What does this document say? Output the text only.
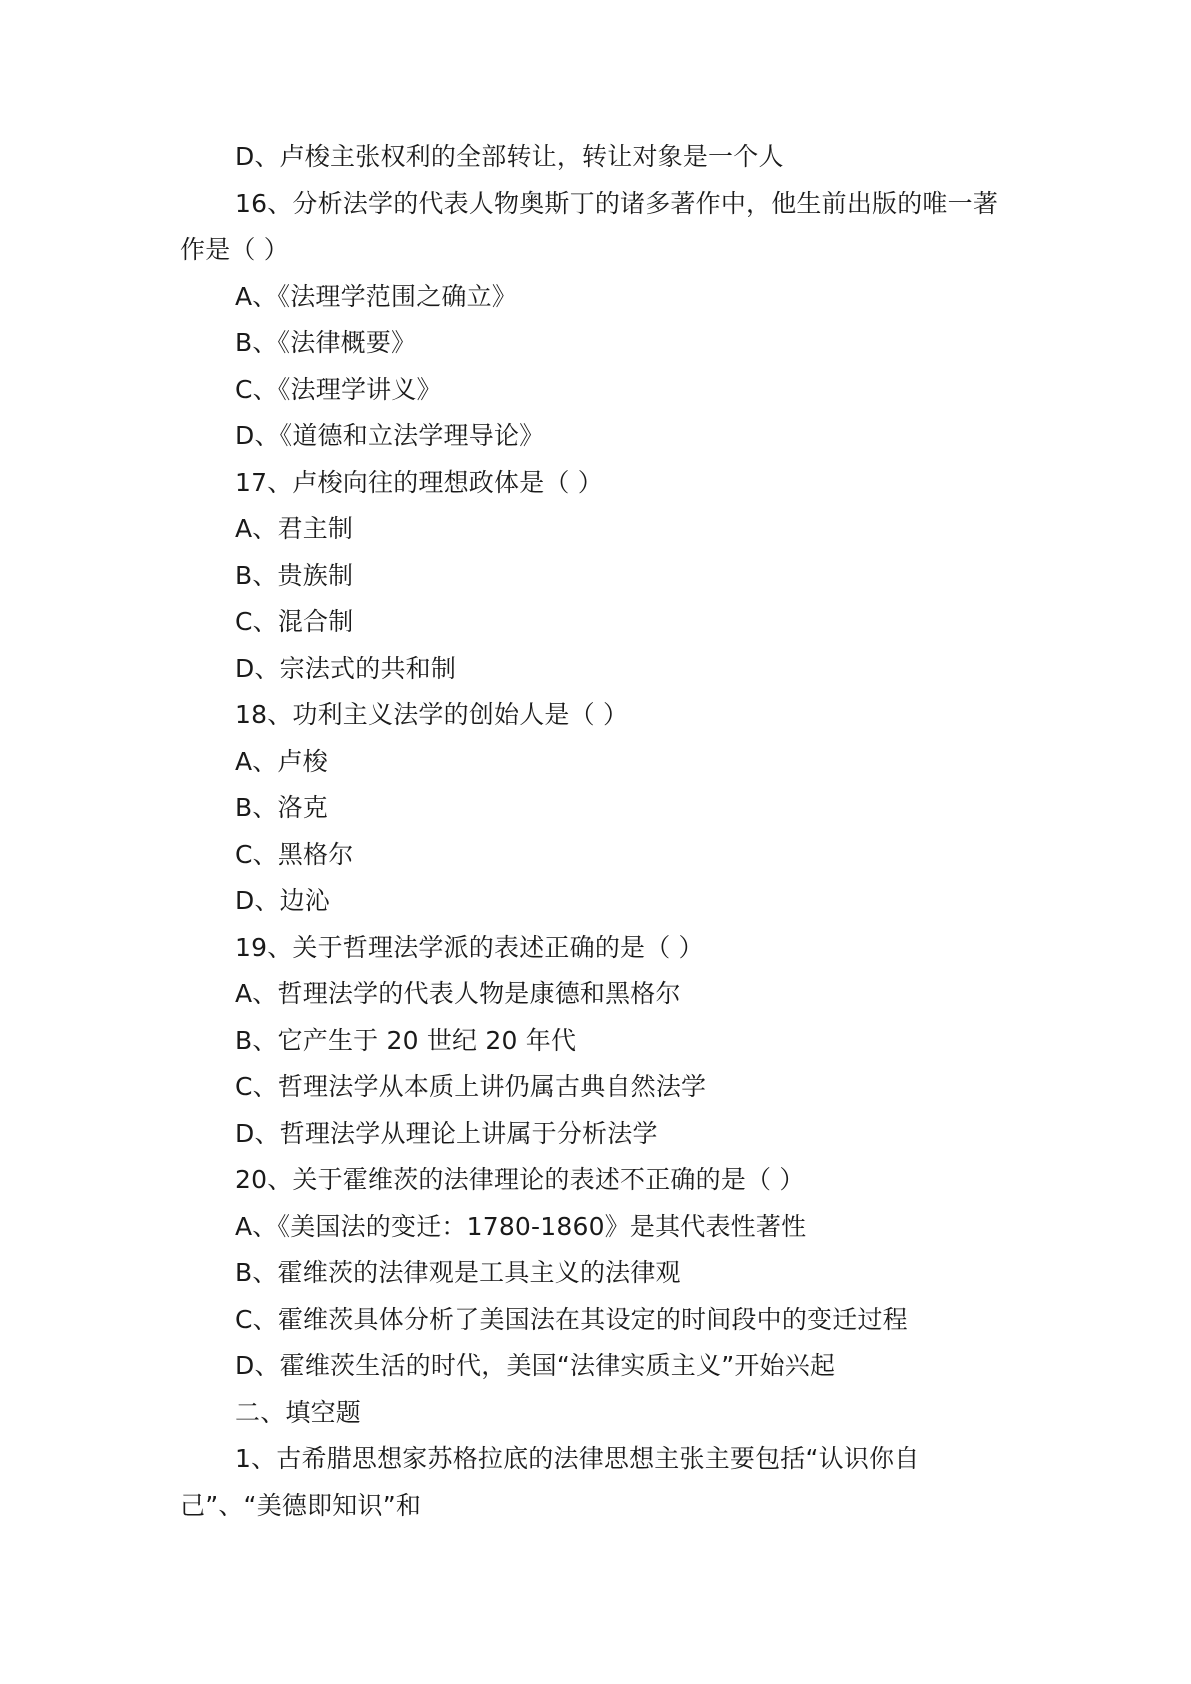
D、卢梭主张权利的全部转让，转让对象是一个人
16、分析法学的代表人物奥斯丁的诸多著作中，他生前出版的唯一著作是（ ）
A、《法理学范围之确立》
B、《法律概要》
C、《法理学讲义》
D、《道德和立法学理导论》
17、卢梭向往的理想政体是（ ）
A、君主制
B、贵族制
C、混合制
D、宗法式的共和制
18、功利主义法学的创始人是（ ）
A、卢梭
B、洛克
C、黑格尔
D、边沁
19、关于哲理法学派的表述正确的是（ ）
A、哲理法学的代表人物是康德和黑格尔
B、它产生于 20 世纪 20 年代
C、哲理法学从本质上讲仍属古典自然法学
D、哲理法学从理论上讲属于分析法学
20、关于霍维茨的法律理论的表述不正确的是（ ）
A、《美国法的变迁：1780-1860》是其代表性著性
B、霍维茨的法律观是工具主义的法律观
C、霍维茨具体分析了美国法在其设定的时间段中的变迁过程
D、霍维茨生活的时代，美国“法律实质主义”开始兴起
二、填空题
1、古希腊思想家苏格拉底的法律思想主张主要包括“认识你自己”、“美德即知识”和
